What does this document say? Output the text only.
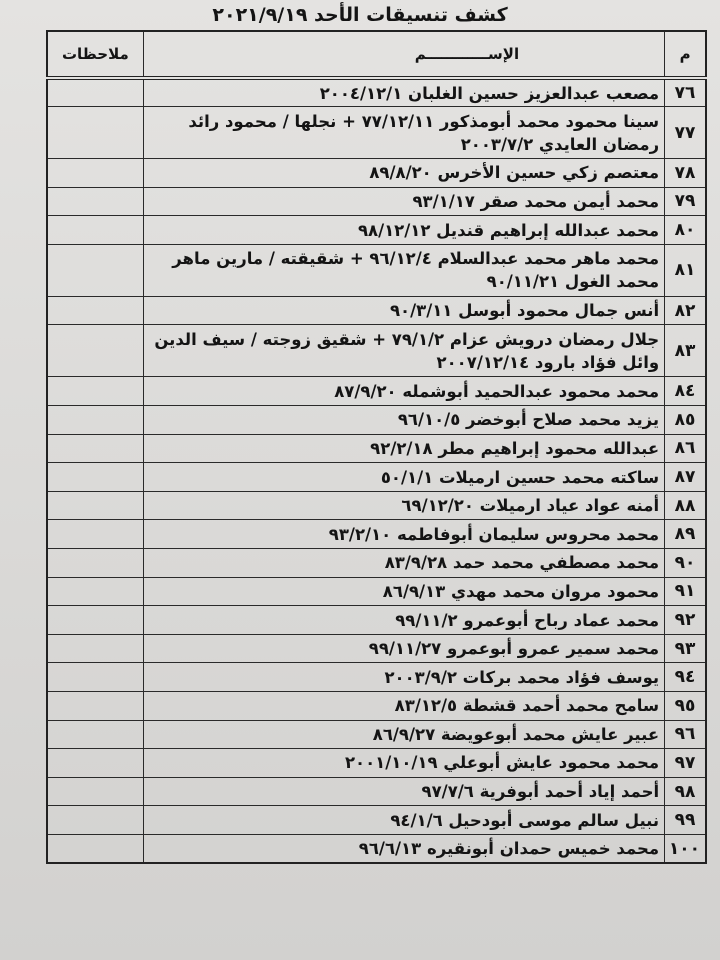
كشف تنسيقات الأحد ٢٠٢١/٩/١٩
م	الإســــــــــــم	ملاحظات
٧٦	مصعب عبدالعزيز حسين الغلبان ٢٠٠٤/١٢/١	
٧٧	سينا محمود محمد أبومذكور ٧٧/١٢/١١ + نجلها / محمود رائد رمضان العايدي ٢٠٠٣/٧/٢	
٧٨	معتصم زكي حسين الأخرس ٨٩/٨/٢٠	
٧٩	محمد أيمن محمد صقر ٩٣/١/١٧	
٨٠	محمد عبدالله إبراهيم قنديل ٩٨/١٢/١٢	
٨١	محمد ماهر محمد عبدالسلام ٩٦/١٢/٤ + شقيقته / مارين ماهر محمد الغول ٩٠/١١/٢١	
٨٢	أنس جمال محمود أبوسل ٩٠/٣/١١	
٨٣	جلال رمضان درويش عزام ٧٩/١/٢ + شقيق زوجته / سيف الدين وائل فؤاد بارود ٢٠٠٧/١٢/١٤	
٨٤	محمد محمود عبدالحميد أبوشمله ٨٧/٩/٢٠	
٨٥	يزيد محمد صلاح أبوخضر ٩٦/١٠/٥	
٨٦	عبدالله محمود إبراهيم مطر ٩٢/٢/١٨	
٨٧	ساكته محمد حسين ارميلات ٥٠/١/١	
٨٨	أمنه عواد عياد ارميلات ٦٩/١٢/٢٠	
٨٩	محمد محروس سليمان أبوفاطمه ٩٣/٢/١٠	
٩٠	محمد مصطفي محمد حمد ٨٣/٩/٢٨	
٩١	محمود مروان محمد مهدي ٨٦/٩/١٣	
٩٢	محمد عماد رباح أبوعمرو ٩٩/١١/٢	
٩٣	محمد سمير عمرو أبوعمرو ٩٩/١١/٢٧	
٩٤	يوسف فؤاد محمد بركات ٢٠٠٣/٩/٢	
٩٥	سامح محمد أحمد قشطة ٨٣/١٢/٥	
٩٦	عبير عايش محمد أبوعويضة ٨٦/٩/٢٧	
٩٧	محمد محمود عايش أبوعلي ٢٠٠١/١٠/١٩	
٩٨	أحمد إياد أحمد أبوفرية ٩٧/٧/٦	
٩٩	نبيل سالم موسى أبودحيل ٩٤/١/٦	
١٠٠	محمد خميس حمدان أبونقيره ٩٦/٦/١٣	
